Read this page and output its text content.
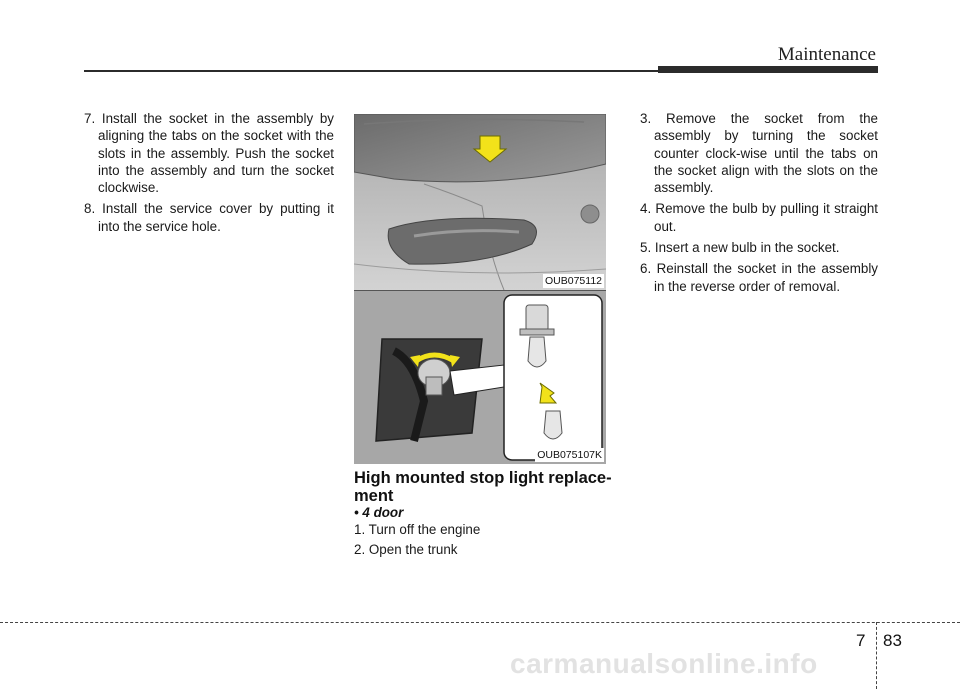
Maintenance

7. Install the socket in the assembly by aligning the tabs on the socket with the slots in the assembly. Push the socket into the assembly and turn the socket clockwise.

8. Install the service cover by putting it into the service hole.

OUB075112
OUB075107K
High mounted stop light replace-ment
• 4 door

1. Turn off the engine

2. Open the trunk

3. Remove the socket from the assembly by turning the socket counter clock-wise until the tabs on the socket align with the slots on the assembly.

4. Remove the bulb by pulling it straight out.

5. Insert a new bulb in the socket.

6. Reinstall the socket in the assembly in the reverse order of removal.

7 83
carmanualsonline.info
